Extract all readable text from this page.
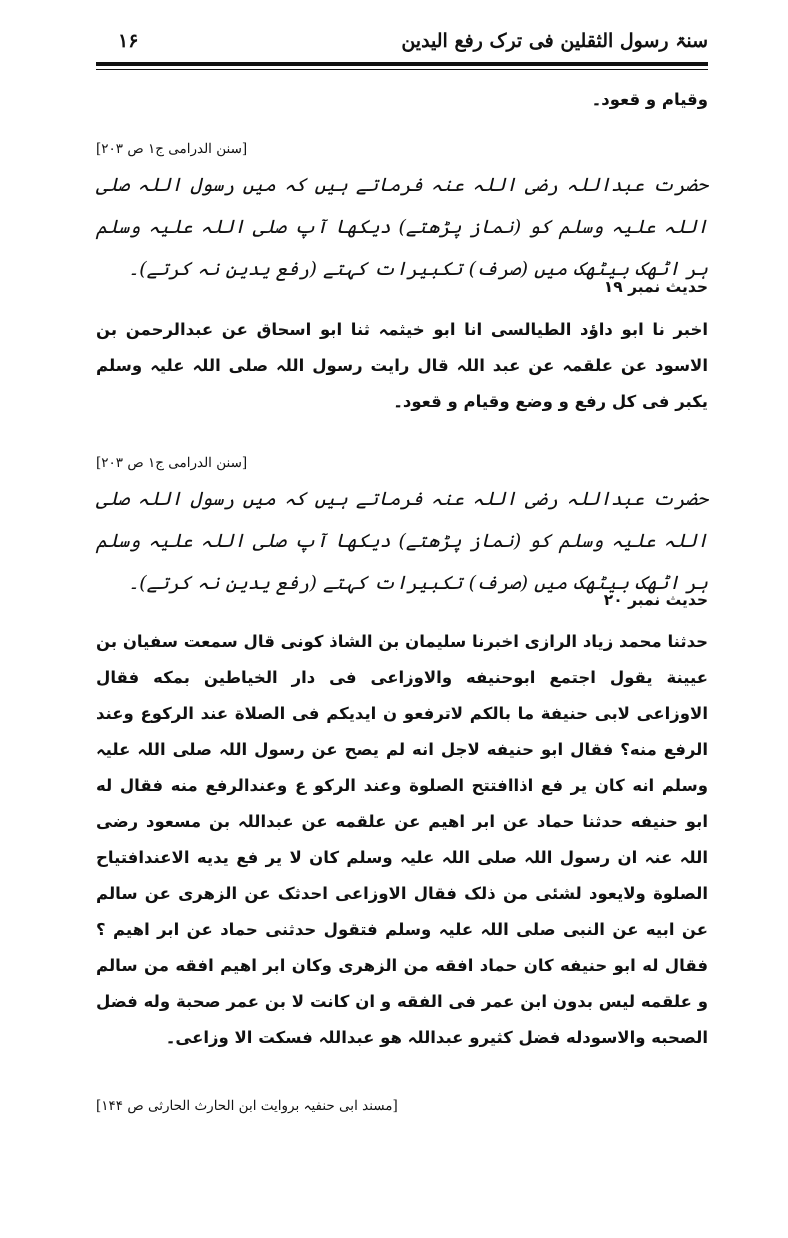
سنۃ رسول الثقلین فی ترک رفع الیدین
۱۶

وقیام و قعود۔

[سنن الدرامی ج۱ ص ۲۰۳]

حضرت عبداللہ رضی اللہ عنہ فرماتے ہیں کہ میں رسول اللہ صلی اللہ علیہ وسلم کو (نماز پڑھتے) دیکھا آپ صلی اللہ علیہ وسلم ہر اٹھک بیٹھک میں (صرف) تکبیرات کہتے (رفع یدین نہ کرتے)۔

حدیث نمبر ۱۹

اخبر نا ابو داؤد الطیالسی انا ابو خیثمہ ثنا ابو اسحاق عن عبدالرحمن بن الاسود عن علقمہ عن عبد اللہ قال رایت رسول اللہ صلی اللہ علیہ وسلم یکبر فی کل رفع و وضع وقیام و قعود۔

[سنن الدرامی ج۱ ص ۲۰۳]

حضرت عبداللہ رضی اللہ عنہ فرماتے ہیں کہ میں رسول اللہ صلی اللہ علیہ وسلم کو (نماز پڑھتے) دیکھا آپ صلی اللہ علیہ وسلم ہر اٹھک بیٹھک میں (صرف) تکبیرات کہتے (رفع یدین نہ کرتے)۔

حدیث نمبر ۲۰

حدثنا محمد زیاد الرازی اخبرنا سلیمان بن الشاذ کونی قال سمعت سفیان بن عیینة یقول اجتمع ابوحنیفه والاوزاعی فی دار الخیاطین بمکه فقال الاوزاعی لابی حنیفة ما بالکم لاترفعو ن ایدیکم فی الصلاة عند الرکوع وعند الرفع منه؟ فقال ابو حنیفه لاجل انه لم یصح عن رسول اللہ صلی اللہ علیہ وسلم انه کان یر فع اذاافتتح الصلوة وعند الرکو ع وعندالرفع منه فقال له ابو حنیفه حدثنا حماد عن ابر اهیم عن علقمه عن عبداللہ بن مسعود رضی اللہ عنہ ان رسول اللہ صلی اللہ علیہ وسلم کان لا یر فع یدیه الاعندافتیاح الصلوة ولایعود لشئی من ذلک فقال الاوزاعی احدثک عن الزهری عن سالم عن ابیه عن النبی صلی اللہ علیہ وسلم فتقول حدثنی حماد عن ابر اهیم ؟ فقال له ابو حنیفه کان حماد افقه من الزهری وکان ابر اهیم افقه من سالم و علقمه لیس بدون ابن عمر فی الفقه و ان کانت لا بن عمر صحبة وله فضل الصحبه والاسودله فضل کثیرو عبداللہ هو عبداللہ فسکت الا وزاعی۔

[مسند ابی حنفیہ بروایت ابن الحارث الحارثی ص ۱۴۴]
